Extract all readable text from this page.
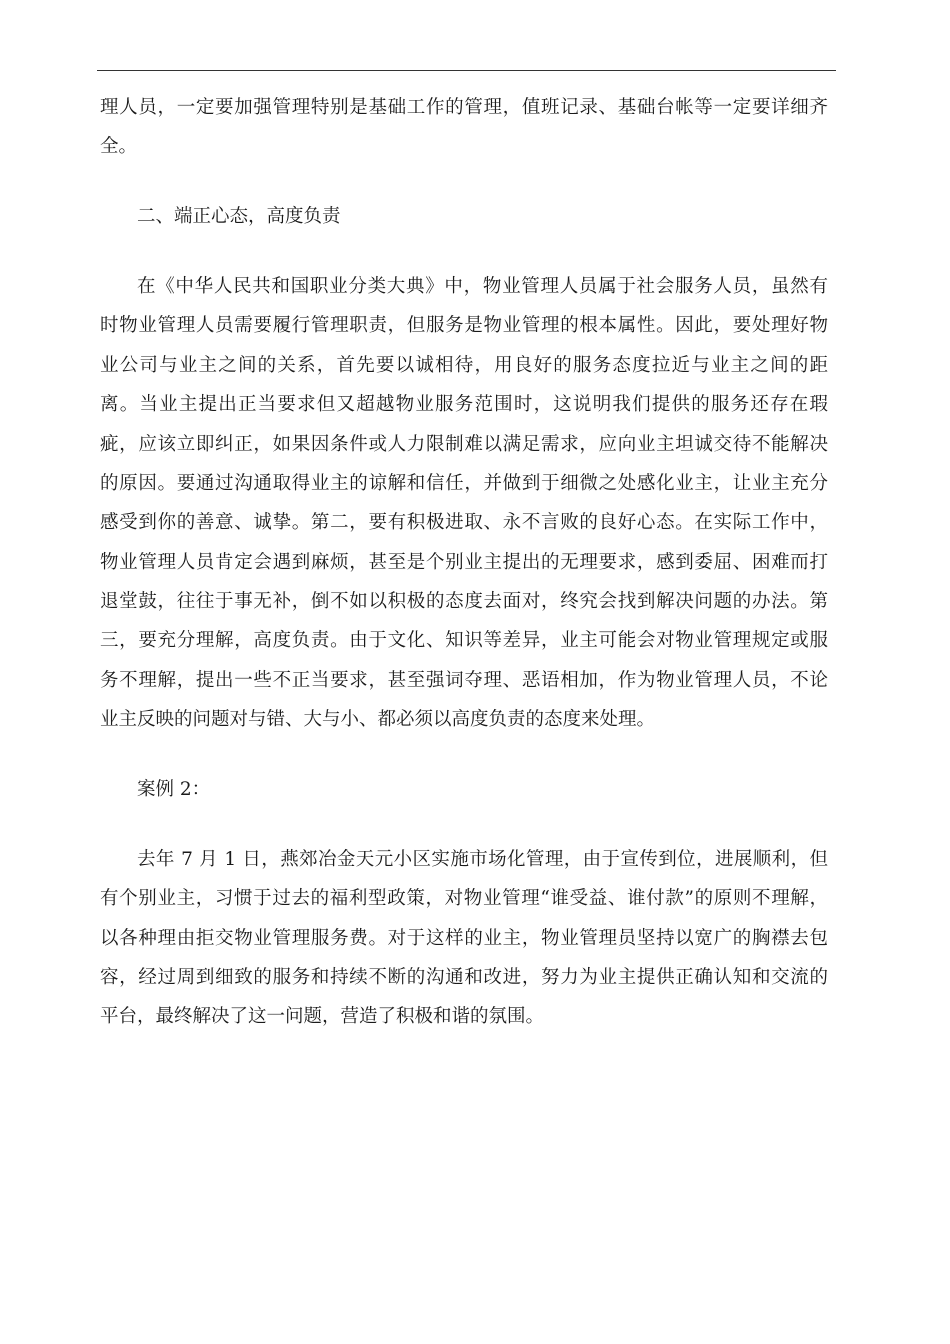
理人员，一定要加强管理特别是基础工作的管理，值班记录、基础台帐等一定要详细齐
全。
二、端正心态，高度负责
在《中华人民共和国职业分类大典》中，物业管理人员属于社会服务人员，虽然有
时物业管理人员需要履行管理职责，但服务是物业管理的根本属性。因此，要处理好物
业公司与业主之间的关系，首先要以诚相待，用良好的服务态度拉近与业主之间的距
离。当业主提出正当要求但又超越物业服务范围时，这说明我们提供的服务还存在瑕
疵，应该立即纠正，如果因条件或人力限制难以满足需求，应向业主坦诚交待不能解决
的原因。要通过沟通取得业主的谅解和信任，并做到于细微之处感化业主，让业主充分
感受到你的善意、诚挚。第二，要有积极进取、永不言败的良好心态。在实际工作中，
物业管理人员肯定会遇到麻烦，甚至是个别业主提出的无理要求，感到委屈、困难而打
退堂鼓，往往于事无补，倒不如以积极的态度去面对，终究会找到解决问题的办法。第
三，要充分理解，高度负责。由于文化、知识等差异，业主可能会对物业管理规定或服
务不理解，提出一些不正当要求，甚至强词夺理、恶语相加，作为物业管理人员，不论
业主反映的问题对与错、大与小、都必须以高度负责的态度来处理。
案例 2：
去年 7 月 1 日，燕郊冶金天元小区实施市场化管理，由于宣传到位，进展顺利，但
有个别业主，习惯于过去的福利型政策，对物业管理“谁受益、谁付款”的原则不理解，
以各种理由拒交物业管理服务费。对于这样的业主，物业管理员坚持以宽广的胸襟去包
容，经过周到细致的服务和持续不断的沟通和改进，努力为业主提供正确认知和交流的
平台，最终解决了这一问题，营造了积极和谐的氛围。
